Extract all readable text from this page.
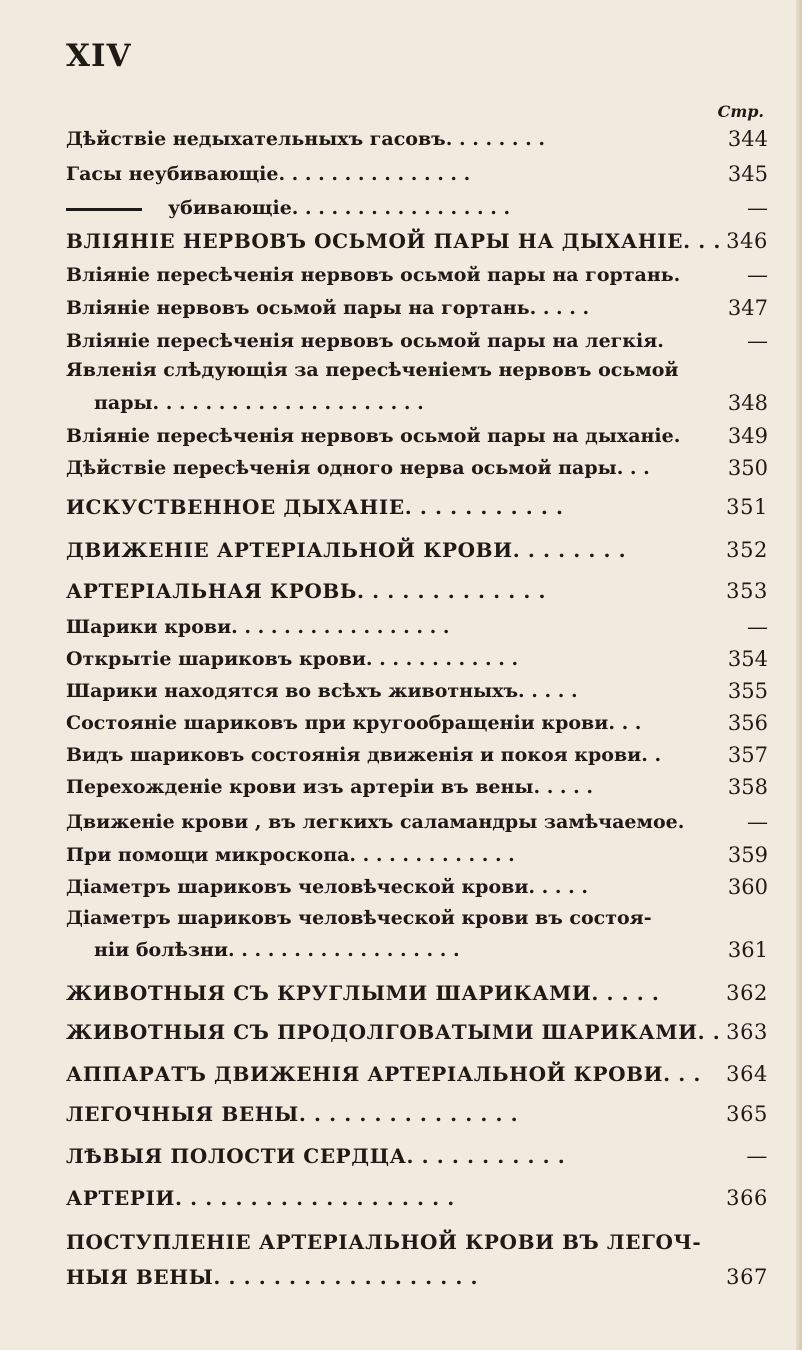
XIV
Стр.
Дѣйствіе недыхательныхъ гасовъ. . . . . . . .	344
Гасы неубивающіе. . . . . . . . . . . . . . .	345
убивающіе. . . . . . . . . . . . . . . . .	—
ВЛІЯНІЕ НЕРВОВЪ ОСЬМОЙ ПАРЫ НА ДЫХАНІЕ. . . 346
Вліяніе пересѣченія нервовъ осьмой пары на гортань.	—
Вліяніе нервовъ осьмой пары на гортань. . . . .	347
Вліяніе пересѣченія нервовъ осьмой пары на легкія.	—
Явленія слѣдующія за пересѣченіемъ нервовъ осьмой
пары. . . . . . . . . . . . . . . . . . . . .	348
Вліяніе пересѣченія нервовъ осьмой пары на дыханіе. 349
Дѣйствіе пересѣченія одного нерва осьмой пары. . .	350
ИСКУСТВЕННОЕ ДЫХАНІЕ. . . . . . . . . . .	351
ДВИЖЕНІЕ АРТЕРІАЛЬНОЙ КРОВИ. . . . . . . .	352
АРТЕРІАЛЬНАЯ КРОВЬ. . . . . . . . . . . . .	353
Шарики крови. . . . . . . . . . . . . . . . .	—
Открытіе шариковъ крови. . . . . . . . . . . .	354
Шарики находятся во всѣхъ животныхъ. . . . .	355
Состояніе шариковъ при кругообращеніи крови. . .	356
Видъ шариковъ состоянія движенія и покоя крови. .	357
Перехожденіе крови изъ артеріи въ вены. . . . .	358
Движеніе крови , въ легкихъ саламандры замѣчаемое.	—
При помощи микроскопа. . . . . . . . . . . . .	359
Діаметръ шариковъ человѣческой крови. . . . .	360
Діаметръ шариковъ человѣческой крови въ состоя-
ніи болѣзни. . . . . . . . . . . . . . . . . .	361
ЖИВОТНЫЯ СЪ КРУГЛЫМИ ШАРИКАМИ. . . . .	362
ЖИВОТНЫЯ СЪ ПРОДОЛГОВАТЫМИ ШАРИКАМИ. . 363
АППАРАТЪ ДВИЖЕНІЯ АРТЕРІАЛЬНОЙ КРОВИ. . . 364
ЛЕГОЧНЫЯ ВЕНЫ. . . . . . . . . . . . . . .	365
ЛѢВЫЯ ПОЛОСТИ СЕРДЦА. . . . . . . . . . .	—
АРТЕРІИ. . . . . . . . . . . . . . . . . . .	366
ПОСТУПЛЕНІЕ АРТЕРІАЛЬНОЙ КРОВИ ВЪ ЛЕГОЧ-
НЫЯ ВЕНЫ. . . . . . . . . . . . . . . . . .	367
